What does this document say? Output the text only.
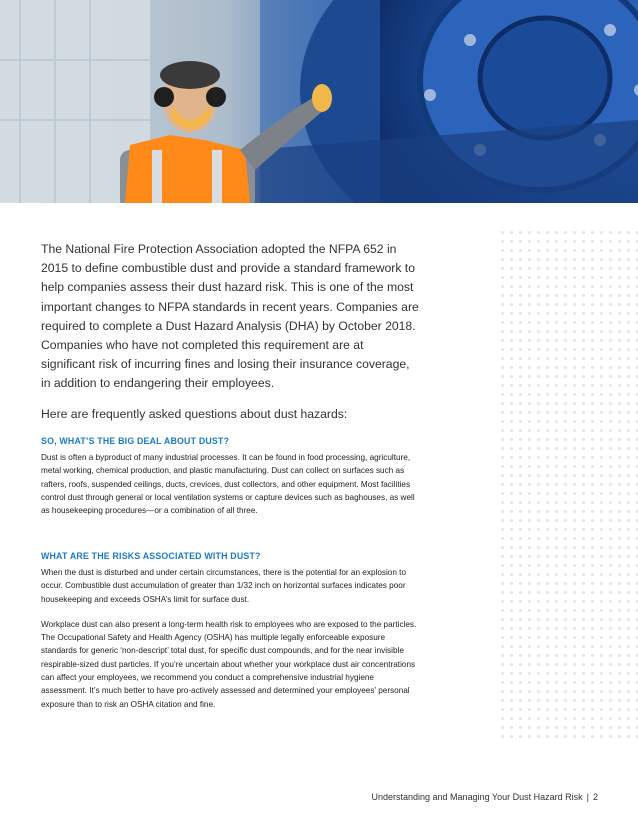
The National Fire Protection Association adopted the NFPA 652 in 2015 to define combustible dust and provide a standard framework to help companies assess their dust hazard risk. This is one of the most important changes to NFPA standards in recent years. Companies are required to complete a Dust Hazard Analysis (DHA) by October 2018. Companies who have not completed this requirement are at significant risk of incurring fines and losing their insurance coverage, in addition to endangering their employees.

Here are frequently asked questions about dust hazards:

SO, WHAT’S THE BIG DEAL ABOUT DUST?

Dust is often a byproduct of many industrial processes. It can be found in food processing, agriculture, metal working, chemical production, and plastic manufacturing. Dust can collect on surfaces such as rafters, roofs, suspended ceilings, ducts, crevices, dust collectors, and other equipment. Most facilities control dust through general or local ventilation systems or capture devices such as baghouses, as well as housekeeping procedures—or a combination of all three.

WHAT ARE THE RISKS ASSOCIATED WITH DUST?

When the dust is disturbed and under certain circumstances, there is the potential for an explosion to occur. Combustible dust accumulation of greater than 1/32 inch on horizontal surfaces indicates poor housekeeping and exceeds OSHA’s limit for surface dust.

Workplace dust can also present a long-term health risk to employees who are exposed to the particles. The Occupational Safety and Health Agency (OSHA) has multiple legally enforceable exposure standards for generic ‘non-descript’ total dust, for specific dust compounds, and for the near invisible respirable-sized dust particles. If you’re uncertain about whether your workplace dust air concentrations can affect your employees, we recommend you conduct a comprehensive industrial hygiene assessment. It’s much better to have pro-actively assessed and determined your employees’ personal exposure than to risk an OSHA citation and fine.

Understanding and Managing Your Dust Hazard Risk | 2
